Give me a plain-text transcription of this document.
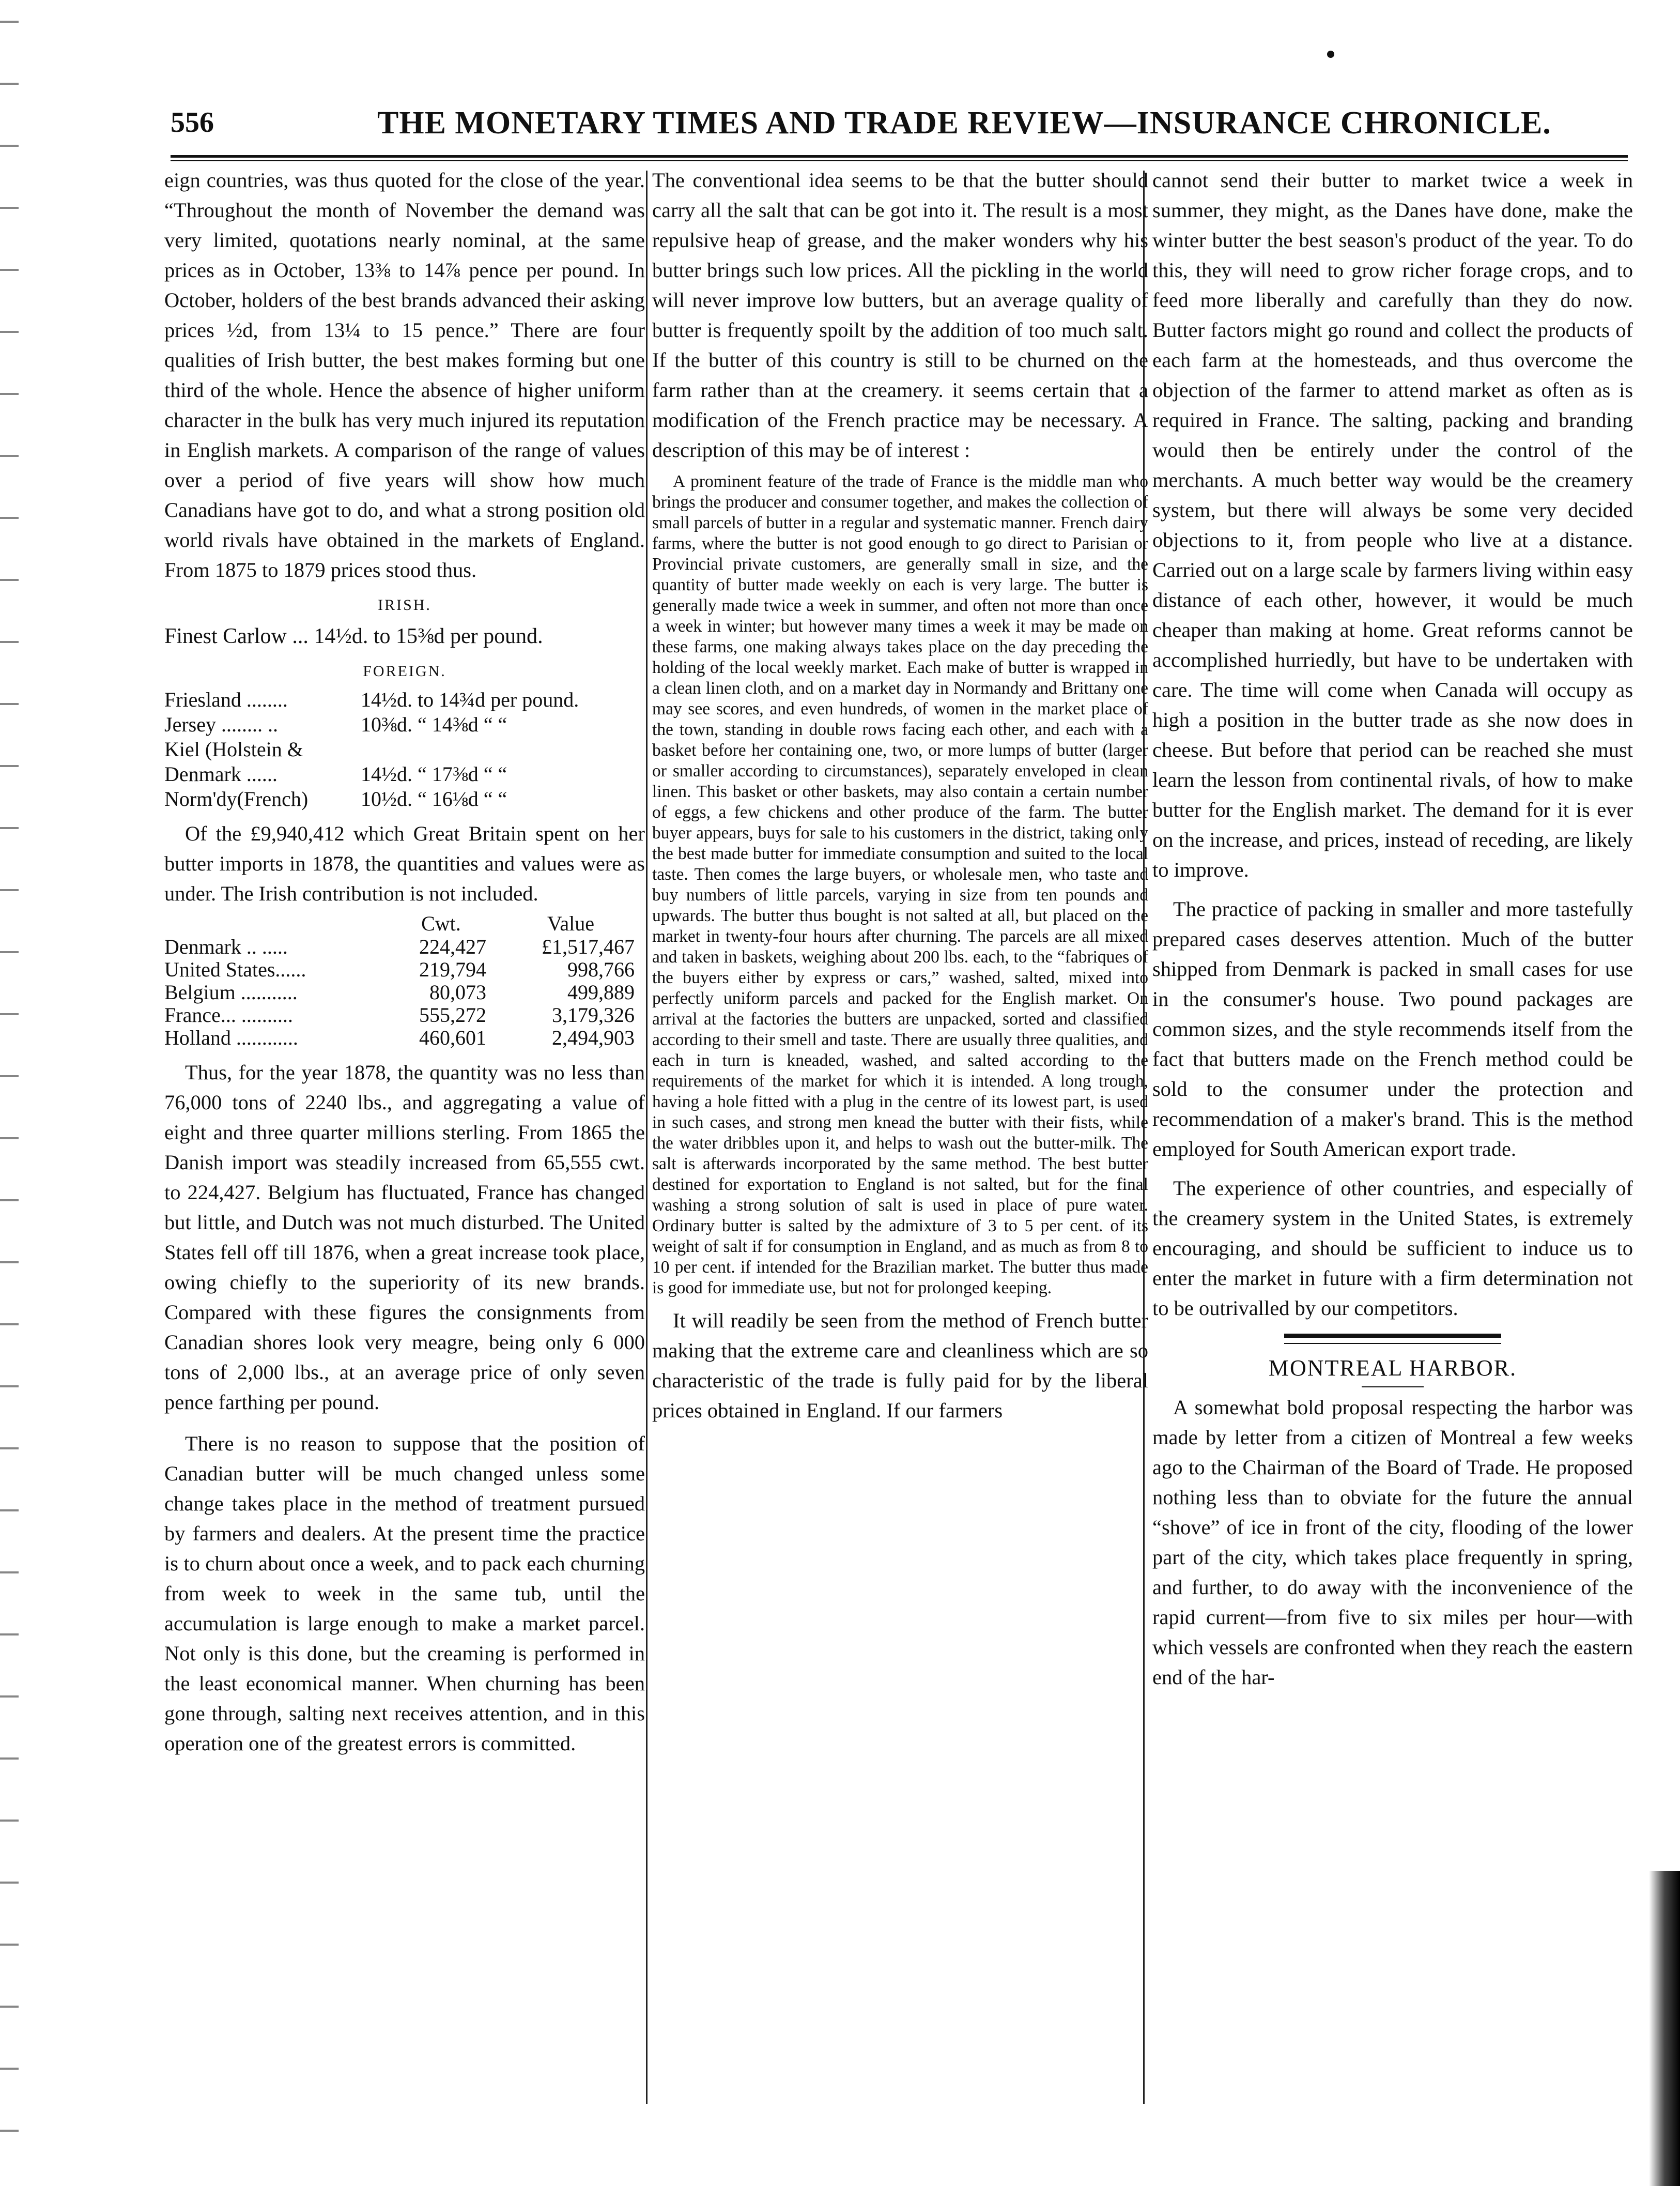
556	THE MONETARY TIMES AND TRADE REVIEW—INSURANCE CHRONICLE.

eign countries, was thus quoted for the close of the year. “Throughout the month of November the demand was very limited, quotations nearly nominal, at the same prices as in October, 13⅜ to 14⅞ pence per pound. In October, holders of the best brands advanced their asking prices ½d, from 13¼ to 15 pence.” There are four qualities of Irish butter, the best makes forming but one third of the whole. Hence the absence of higher uniform character in the bulk has very much injured its reputation in English markets. A comparison of the range of values over a period of five years will show how much Canadians have got to do, and what a strong position old world rivals have obtained in the markets of England. From 1875 to 1879 prices stood thus.

IRISH.
Finest Carlow ... 14½d. to 15⅜d per pound.
FOREIGN.
Friesland ........	14½d. to 14¾d per pound.
Jersey ........ ..	10⅜d. “ 14⅜d “ “
Kiel (Holstein &
Denmark ......	14½d. “ 17⅜d “ “
Norm'dy(French)	10½d. “ 16⅛d “ “

Of the £9,940,412 which Great Britain spent on her butter imports in 1878, the quantities and values were as under. The Irish contribution is not included.

	Cwt.	Value
Denmark .. .....	224,427	£1,517,467
United States......	219,794	998,766
Belgium ...........	80,073	499,889
France... ..........	555,272	3,179,326
Holland ............	460,601	2,494,903

Thus, for the year 1878, the quantity was no less than 76,000 tons of 2240 lbs., and aggregating a value of eight and three quarter millions sterling. From 1865 the Danish import was steadily increased from 65,555 cwt. to 224,427. Belgium has fluctuated, France has changed but little, and Dutch was not much disturbed. The United States fell off till 1876, when a great increase took place, owing chiefly to the superiority of its new brands. Compared with these figures the consignments from Canadian shores look very meagre, being only 6 000 tons of 2,000 lbs., at an average price of only seven pence farthing per pound.

There is no reason to suppose that the position of Canadian butter will be much changed unless some change takes place in the method of treatment pursued by farmers and dealers. At the present time the practice is to churn about once a week, and to pack each churning from week to week in the same tub, until the accumulation is large enough to make a market parcel. Not only is this done, but the creaming is performed in the least economical manner. When churning has been gone through, salting next receives attention, and in this operation one of the greatest errors is committed.

The conventional idea seems to be that the butter should carry all the salt that can be got into it. The result is a most repulsive heap of grease, and the maker wonders why his butter brings such low prices. All the pickling in the world will never improve low butters, but an average quality of butter is frequently spoilt by the addition of too much salt. If the butter of this country is still to be churned on the farm rather than at the creamery. it seems certain that a modification of the French practice may be necessary. A description of this may be of interest :

A prominent feature of the trade of France is the middle man who brings the producer and consumer together, and makes the collection of small parcels of butter in a regular and systematic manner. French dairy farms, where the butter is not good enough to go direct to Parisian or Provincial private customers, are generally small in size, and the quantity of butter made weekly on each is very large. The butter is generally made twice a week in summer, and often not more than once a week in winter; but however many times a week it may be made on these farms, one making always takes place on the day preceding the holding of the local weekly market. Each make of butter is wrapped in a clean linen cloth, and on a market day in Normandy and Brittany one may see scores, and even hundreds, of women in the market place of the town, standing in double rows facing each other, and each with a basket before her containing one, two, or more lumps of butter (larger or smaller according to circumstances), separately enveloped in clean linen. This basket or other baskets, may also contain a certain number of eggs, a few chickens and other produce of the farm. The butter buyer appears, buys for sale to his customers in the district, taking only the best made butter for immediate consumption and suited to the local taste. Then comes the large buyers, or wholesale men, who taste and buy numbers of little parcels, varying in size from ten pounds and upwards. The butter thus bought is not salted at all, but placed on the market in twenty-four hours after churning. The parcels are all mixed and taken in baskets, weighing about 200 lbs. each, to the “fabriques of the buyers either by express or cars,” washed, salted, mixed into perfectly uniform parcels and packed for the English market. On arrival at the factories the butters are unpacked, sorted and classified according to their smell and taste. There are usually three qualities, and each in turn is kneaded, washed, and salted according to the requirements of the market for which it is intended. A long trough, having a hole fitted with a plug in the centre of its lowest part, is used in such cases, and strong men knead the butter with their fists, while the water dribbles upon it, and helps to wash out the butter-milk. The salt is afterwards incorporated by the same method. The best butter destined for exportation to England is not salted, but for the final washing a strong solution of salt is used in place of pure water. Ordinary butter is salted by the admixture of 3 to 5 per cent. of its weight of salt if for consumption in England, and as much as from 8 to 10 per cent. if intended for the Brazilian market. The butter thus made is good for immediate use, but not for prolonged keeping.

It will readily be seen from the method of French butter making that the extreme care and cleanliness which are so characteristic of the trade is fully paid for by the liberal prices obtained in England. If our farmers

cannot send their butter to market twice a week in summer, they might, as the Danes have done, make the winter butter the best season's product of the year. To do this, they will need to grow richer forage crops, and to feed more liberally and carefully than they do now. Butter factors might go round and collect the products of each farm at the homesteads, and thus overcome the objection of the farmer to attend market as often as is required in France. The salting, packing and branding would then be entirely under the control of the merchants. A much better way would be the creamery system, but there will always be some very decided objections to it, from people who live at a distance. Carried out on a large scale by farmers living within easy distance of each other, however, it would be much cheaper than making at home. Great reforms cannot be accomplished hurriedly, but have to be undertaken with care. The time will come when Canada will occupy as high a position in the butter trade as she now does in cheese. But before that period can be reached she must learn the lesson from continental rivals, of how to make butter for the English market. The demand for it is ever on the increase, and prices, instead of receding, are likely to improve.

The practice of packing in smaller and more tastefully prepared cases deserves attention. Much of the butter shipped from Denmark is packed in small cases for use in the consumer's house. Two pound packages are common sizes, and the style recommends itself from the fact that butters made on the French method could be sold to the consumer under the protection and recommendation of a maker's brand. This is the method employed for South American export trade.

The experience of other countries, and especially of the creamery system in the United States, is extremely encouraging, and should be sufficient to induce us to enter the market in future with a firm determination not to be outrivalled by our competitors.

MONTREAL HARBOR.

A somewhat bold proposal respecting the harbor was made by letter from a citizen of Montreal a few weeks ago to the Chairman of the Board of Trade. He proposed nothing less than to obviate for the future the annual “shove” of ice in front of the city, flooding of the lower part of the city, which takes place frequently in spring, and further, to do away with the inconvenience of the rapid current—from five to six miles per hour—with which vessels are confronted when they reach the eastern end of the har-
